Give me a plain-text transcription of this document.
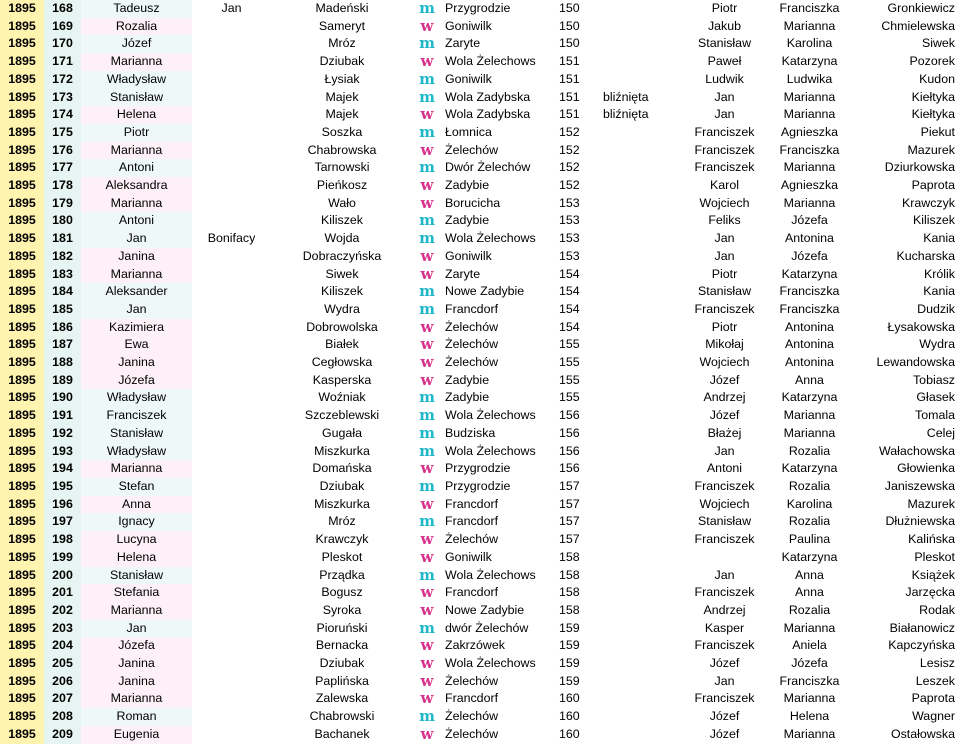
1895	168	Tadeusz	Jan	Madeński	m	Przygrodzie	150		Piotr	Franciszka	Gronkiewicz
1895	169	Rozalia		Sameryt	w	Goniwilk	150		Jakub	Marianna	Chmielewska
1895	170	Józef		Mróz	m	Zaryte	150		Stanisław	Karolina	Siwek
1895	171	Marianna		Dziubak	w	Wola Żelechows	151		Paweł	Katarzyna	Pozorek
1895	172	Władysław		Łysiak	m	Goniwilk	151		Ludwik	Ludwika	Kudon
1895	173	Stanisław		Majek	m	Wola Zadybska	151	bliźnięta	Jan	Marianna	Kiełtyka
1895	174	Helena		Majek	w	Wola Zadybska	151	bliźnięta	Jan	Marianna	Kiełtyka
1895	175	Piotr		Soszka	m	Łomnica	152		Franciszek	Agnieszka	Piekut
1895	176	Marianna		Chabrowska	w	Żelechów	152		Franciszek	Franciszka	Mazurek
1895	177	Antoni		Tarnowski	m	Dwór Żelechów	152		Franciszek	Marianna	Dziurkowska
1895	178	Aleksandra		Pieńkosz	w	Zadybie	152		Karol	Agnieszka	Paprota
1895	179	Marianna		Wało	w	Borucicha	153		Wojciech	Marianna	Krawczyk
1895	180	Antoni		Kiliszek	m	Zadybie	153		Feliks	Józefa	Kiliszek
1895	181	Jan	Bonifacy	Wojda	m	Wola Żelechows	153		Jan	Antonina	Kania
1895	182	Janina		Dobraczyńska	w	Goniwilk	153		Jan	Józefa	Kucharska
1895	183	Marianna		Siwek	w	Zaryte	154		Piotr	Katarzyna	Królik
1895	184	Aleksander		Kiliszek	m	Nowe Zadybie	154		Stanisław	Franciszka	Kania
1895	185	Jan		Wydra	m	Francdorf	154		Franciszek	Franciszka	Dudzik
1895	186	Kazimiera		Dobrowolska	w	Żelechów	154		Piotr	Antonina	Łysakowska
1895	187	Ewa		Białek	w	Żelechów	155		Mikołaj	Antonina	Wydra
1895	188	Janina		Cegłowska	w	Żelechów	155		Wojciech	Antonina	Lewandowska
1895	189	Józefa		Kasperska	w	Zadybie	155		Józef	Anna	Tobiasz
1895	190	Władysław		Woźniak	m	Zadybie	155		Andrzej	Katarzyna	Głasek
1895	191	Franciszek		Szczeblewski	m	Wola Żelechows	156		Józef	Marianna	Tomala
1895	192	Stanisław		Gugała	m	Budziska	156		Błażej	Marianna	Celej
1895	193	Władysław		Miszkurka	m	Wola Żelechows	156		Jan	Rozalia	Wałachowska
1895	194	Marianna		Domańska	w	Przygrodzie	156		Antoni	Katarzyna	Głowienka
1895	195	Stefan		Dziubak	m	Przygrodzie	157		Franciszek	Rozalia	Janiszewska
1895	196	Anna		Miszkurka	w	Francdorf	157		Wojciech	Karolina	Mazurek
1895	197	Ignacy		Mróz	m	Francdorf	157		Stanisław	Rozalia	Dłużniewska
1895	198	Lucyna		Krawczyk	w	Żelechów	157		Franciszek	Paulina	Kalińska
1895	199	Helena		Pleskot	w	Goniwilk	158			Katarzyna	Pleskot
1895	200	Stanisław		Prządka	m	Wola Żelechows	158		Jan	Anna	Książek
1895	201	Stefania		Bogusz	w	Francdorf	158		Franciszek	Anna	Jarzęcka
1895	202	Marianna		Syroka	w	Nowe Zadybie	158		Andrzej	Rozalia	Rodak
1895	203	Jan		Pioruński	m	dwór Żelechów	159		Kasper	Marianna	Białanowicz
1895	204	Józefa		Bernacka	w	Zakrzówek	159		Franciszek	Aniela	Kapczyńska
1895	205	Janina		Dziubak	w	Wola Żelechows	159		Józef	Józefa	Lesisz
1895	206	Janina		Paplińska	w	Żelechów	159		Jan	Franciszka	Leszek
1895	207	Marianna		Zalewska	w	Francdorf	160		Franciszek	Marianna	Paprota
1895	208	Roman		Chabrowski	m	Żelechów	160		Józef	Helena	Wagner
1895	209	Eugenia		Bachanek	w	Żelechów	160		Józef	Marianna	Ostałowska
